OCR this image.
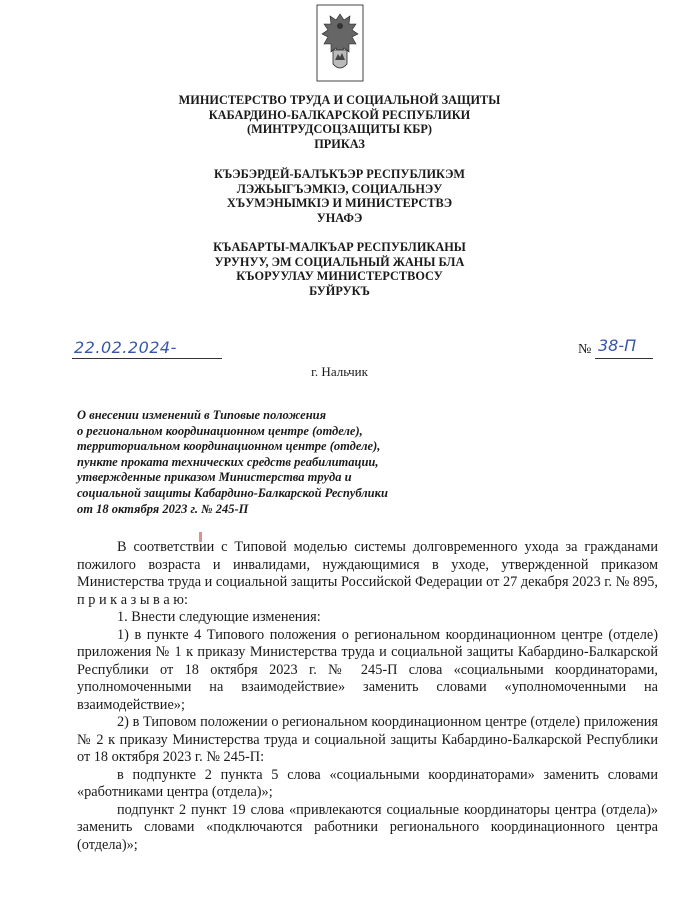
МИНИСТЕРСТВО ТРУДА И СОЦИАЛЬНОЙ ЗАЩИТЫ
КАБАРДИНО-БАЛКАРСКОЙ РЕСПУБЛИКИ
(МИНТРУДСОЦЗАЩИТЫ КБР)
ПРИКАЗ
КЪЭБЭРДЕЙ-БАЛЪКЪЭР РЕСПУБЛИКЭМ
ЛЭЖЬЫГЪЭМКIЭ, СОЦИАЛЬНЭУ
ХЪУМЭНЫМКIЭ И МИНИСТЕРСТВЭ
УНАФЭ
КЪАБАРТЫ-МАЛКЪАР РЕСПУБЛИКАНЫ
УРУНУУ, ЭМ СОЦИАЛЬНЫЙ ЖАНЫ БЛА
КЪОРУУЛАУ МИНИСТЕРСТВОСУ
БУЙРУКЪ
22.02.2024-	№ 38-П
г. Нальчик
О внесении изменений в Типовые положения
о региональном координационном центре (отделе),
территориальном координационном центре (отделе),
пункте проката технических средств реабилитации,
утвержденные приказом Министерства труда и
социальной защиты Кабардино-Балкарской Республики
от 18 октября 2023 г. № 245-П

В соответствии с Типовой моделью системы долговременного ухода за гражданами пожилого возраста и инвалидами, нуждающимися в уходе, утвержденной приказом Министерства труда и социальной защиты Российской Федерации от 27 декабря 2023 г. № 895, п р и к а з ы в а ю:

1. Внести следующие изменения:

1) в пункте 4 Типового положения о региональном координационном центре (отделе) приложения № 1 к приказу Министерства труда и социальной защиты Кабардино-Балкарской Республики от 18 октября 2023 г. № 245-П слова «социальными координаторами, уполномоченными на взаимодействие» заменить словами «уполномоченными на взаимодействие»;

2) в Типовом положении о региональном координационном центре (отделе) приложения № 2 к приказу Министерства труда и социальной защиты Кабардино-Балкарской Республики от 18 октября 2023 г. № 245-П:

в подпункте 2 пункта 5 слова «социальными координаторами» заменить словами «работниками центра (отдела)»;

подпункт 2 пункт 19 слова «привлекаются социальные координаторы центра (отдела)» заменить словами «подключаются работники регионального координационного центра (отдела)»;
